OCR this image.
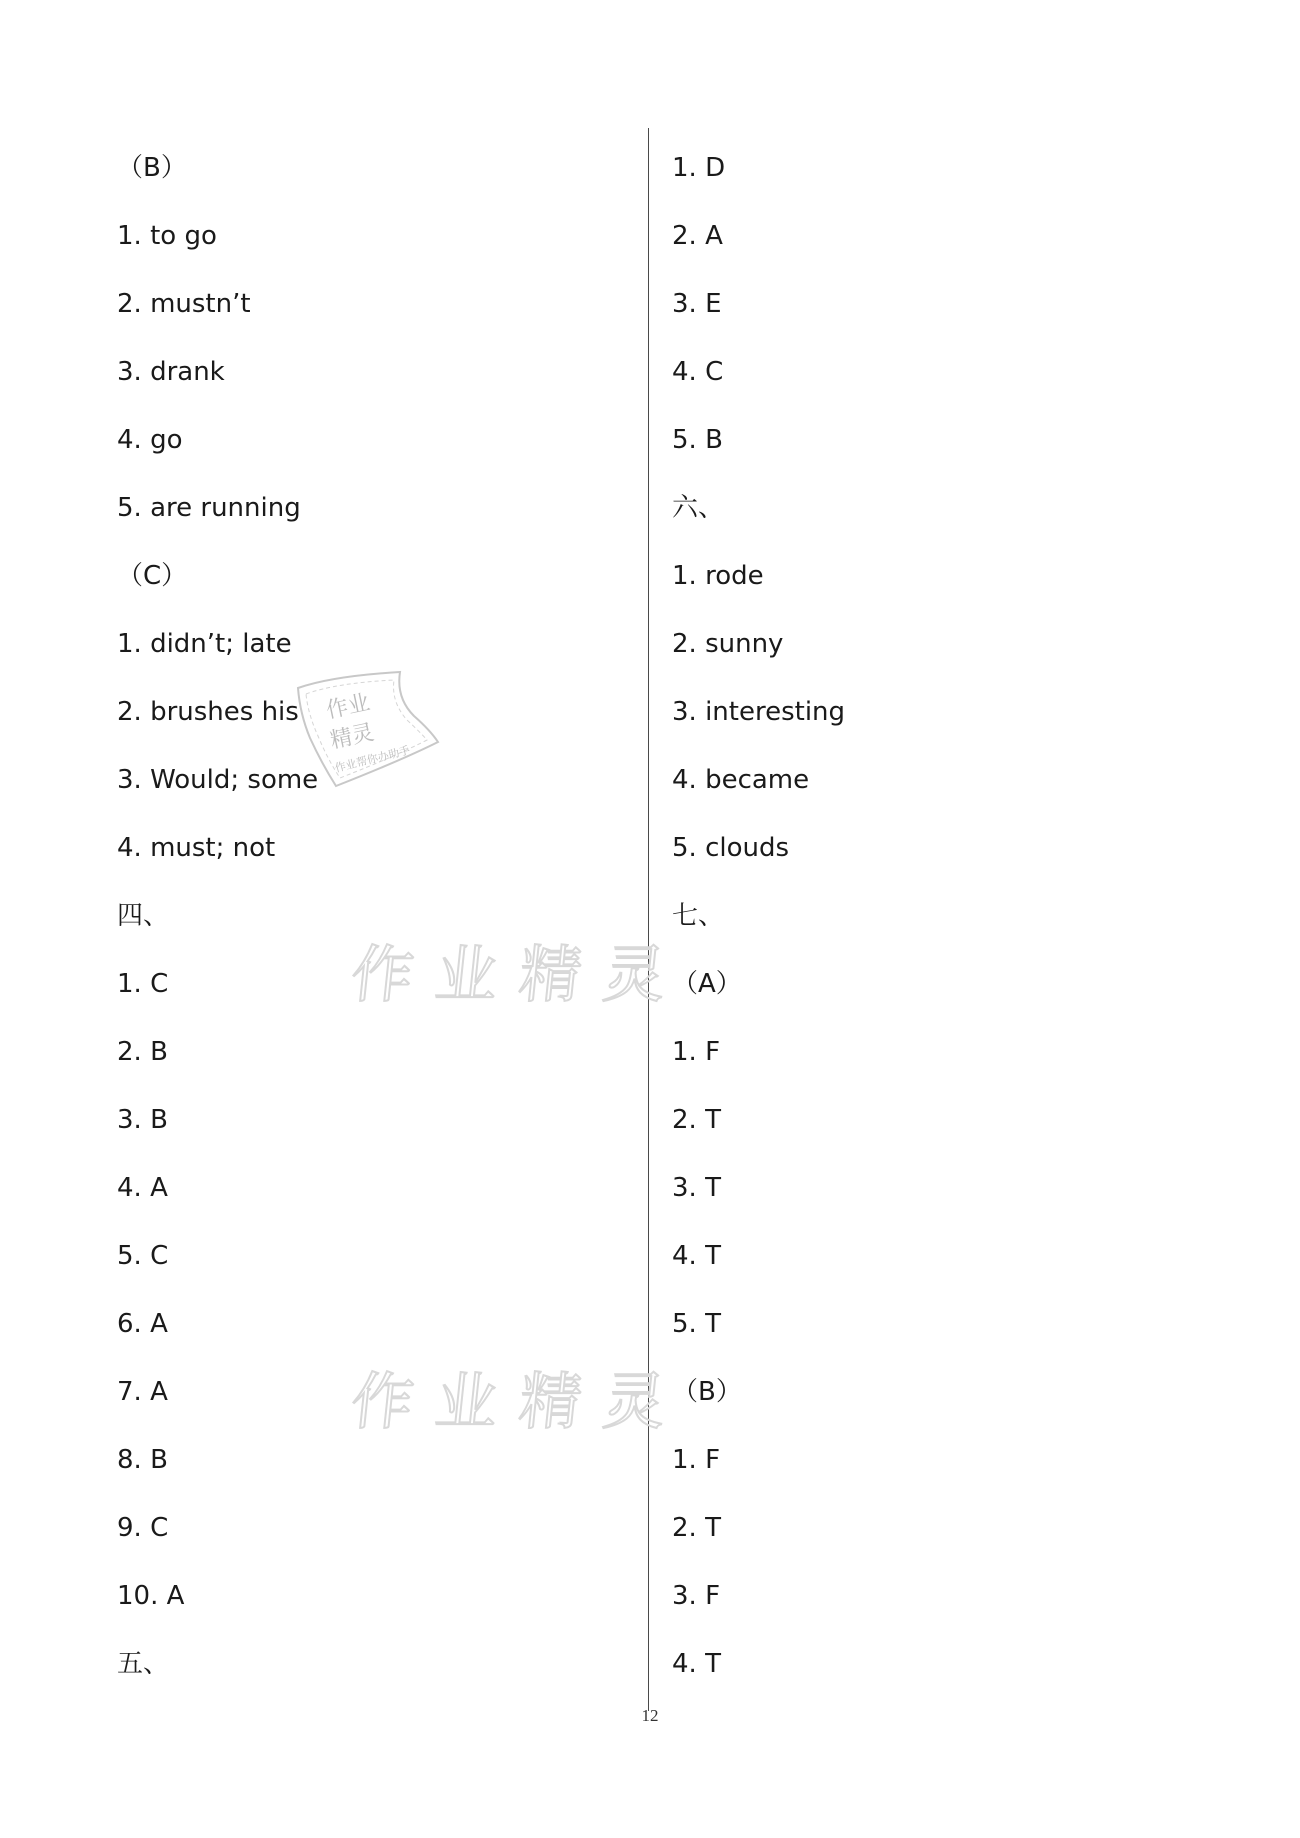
（B）
1. to go
2. mustn’t
3. drank
4. go
5. are running
（C）
1. didn’t; late
2. brushes his
3. Would; some
4. must; not
四、
1. C
2. B
3. B
4. A
5. C
6. A
7. A
8. B
9. C
10. A
五、
1. D
2. A
3. E
4. C
5. B
六、
1. rode
2. sunny
3. interesting
4. became
5. clouds
七、
（A）
1. F
2. T
3. T
4. T
5. T
（B）
1. F
2. T
3. F
4. T
作业
精灵
作业帮你办助手
作业精灵
作业精灵
12
